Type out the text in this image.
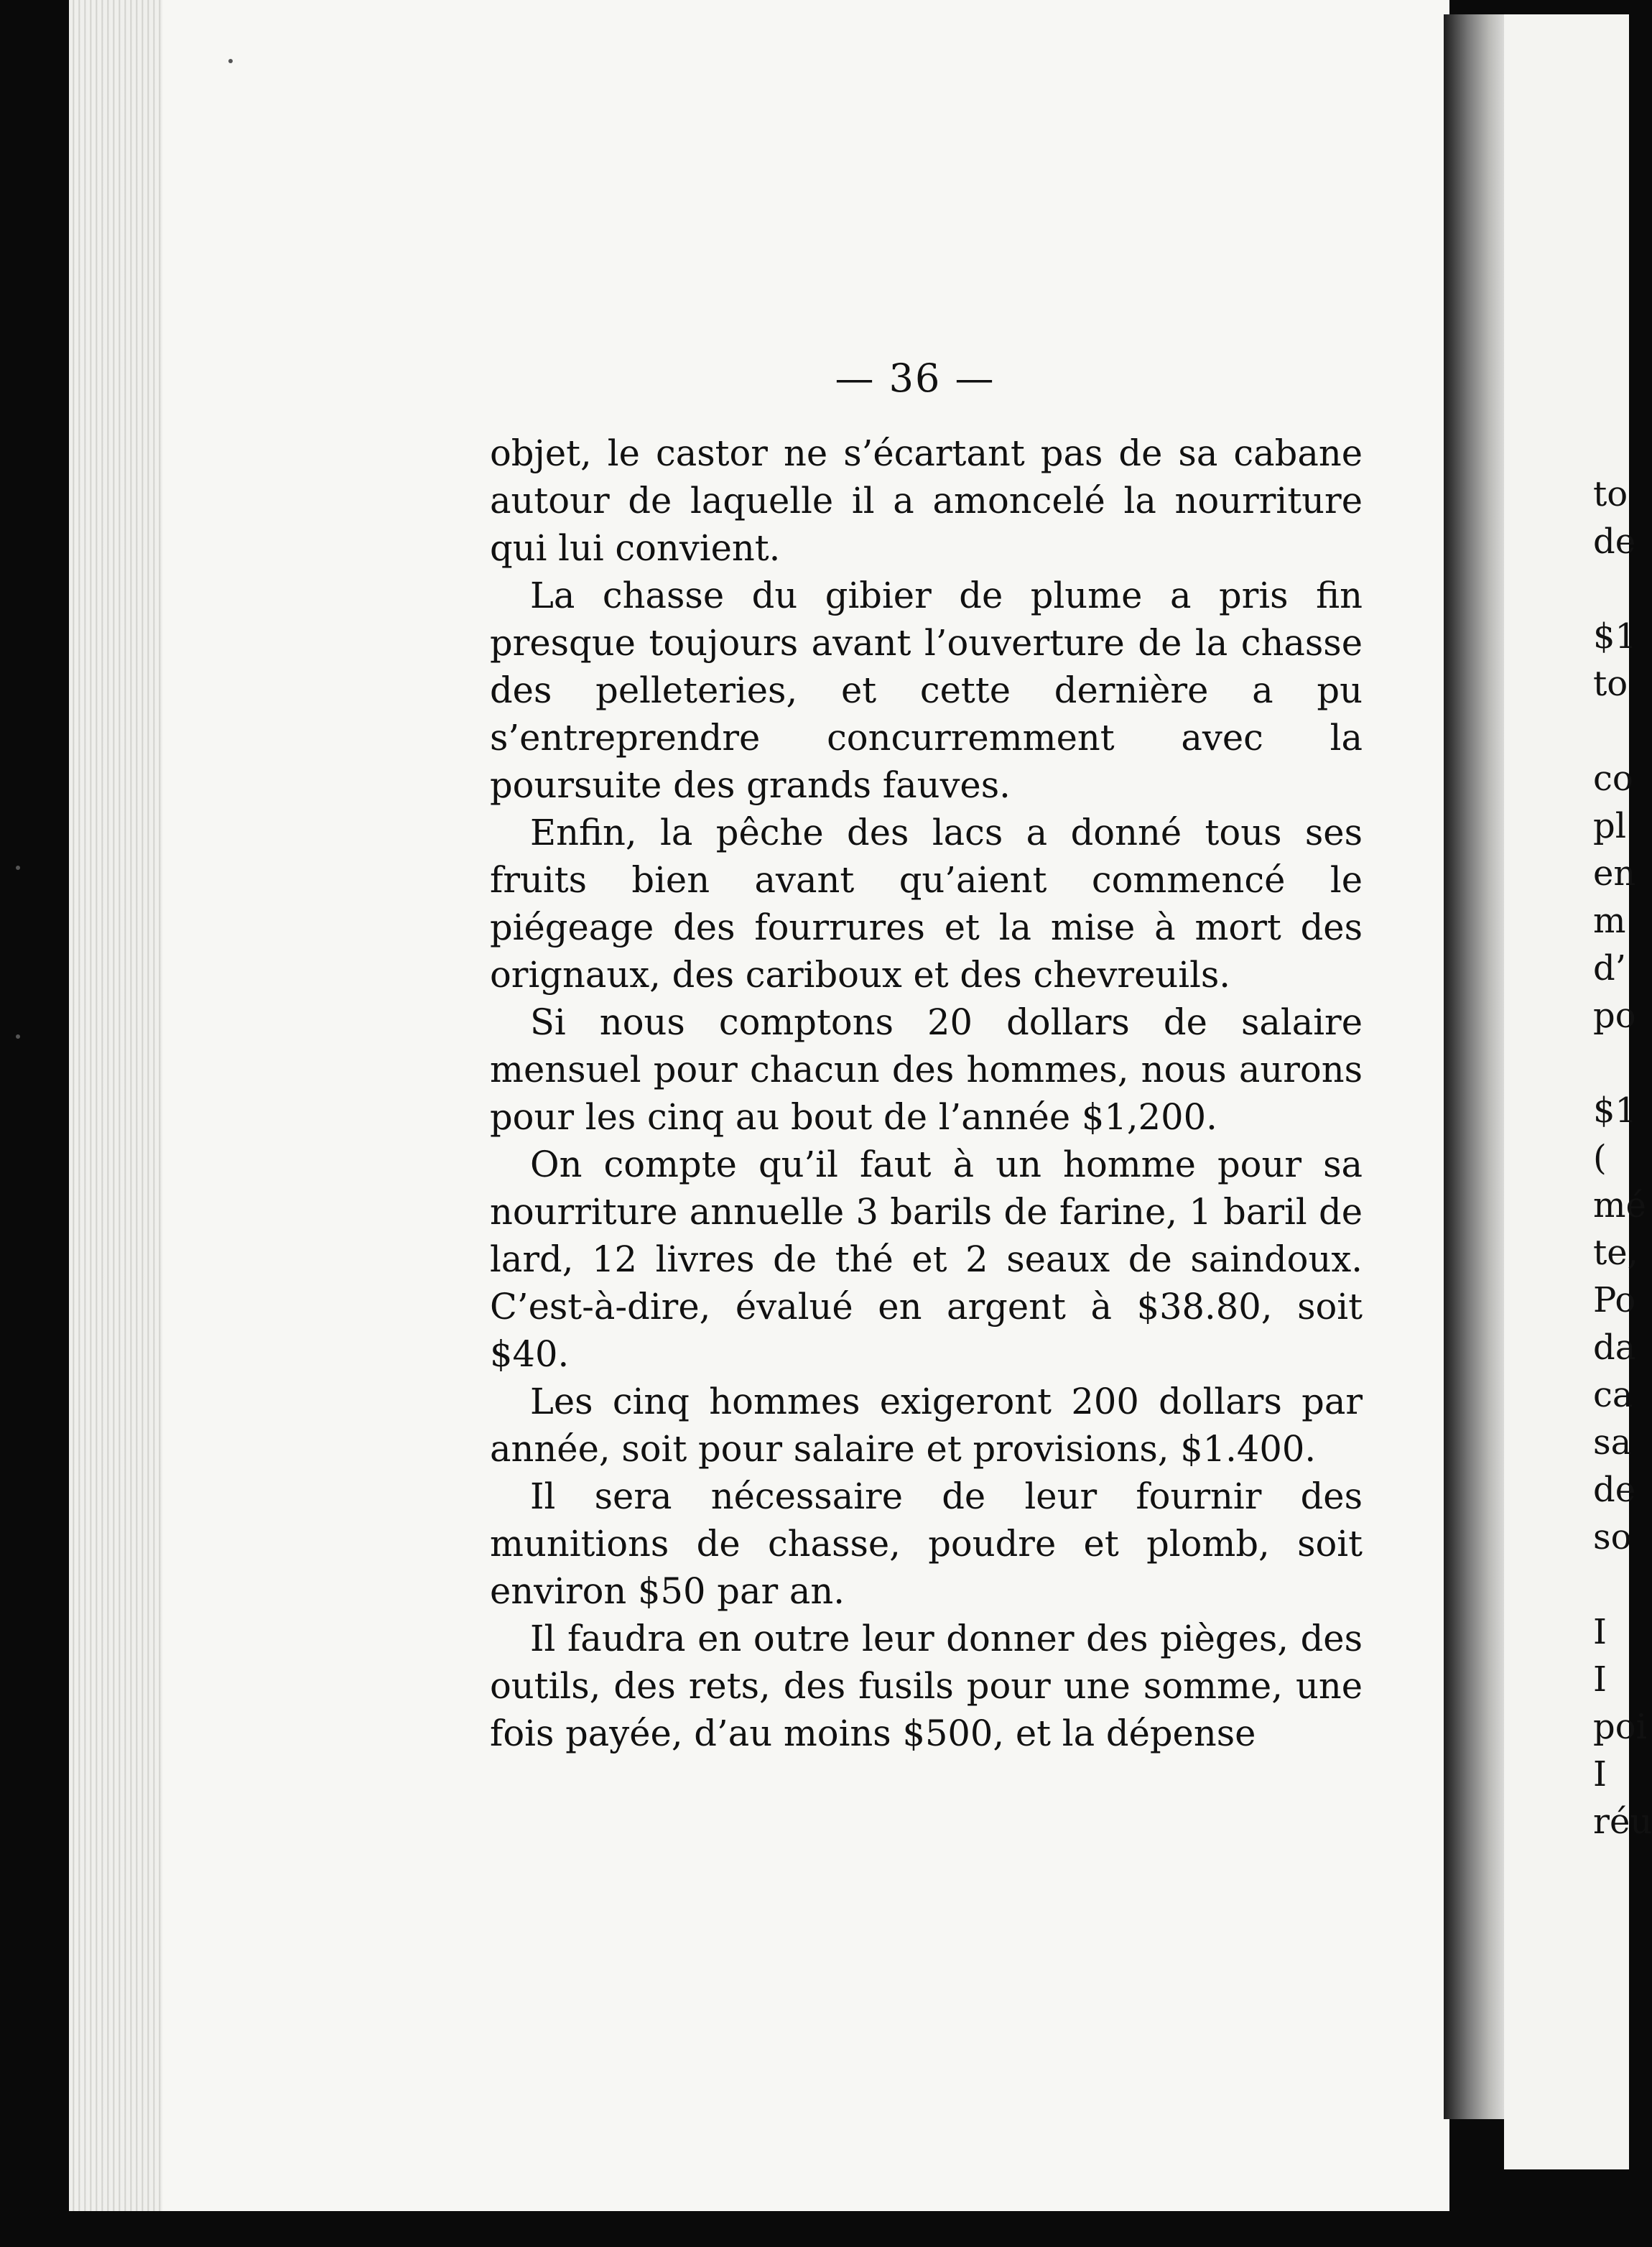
— 36 —

objet, le castor ne s’écartant pas de sa cabane autour de laquelle il a amoncelé la nourriture qui lui convient.

La chasse du gibier de plume a pris fin presque toujours avant l’ouverture de la chasse des pelleteries, et cette dernière a pu s’entreprendre concurremment avec la poursuite des grands fauves.

Enfin, la pêche des lacs a donné tous ses fruits bien avant qu’aient commencé le piégeage des fourrures et la mise à mort des orignaux, des cariboux et des chevreuils.

Si nous comptons 20 dollars de salaire mensuel pour chacun des hommes, nous aurons pour les cinq au bout de l’année $1,200.

On compte qu’il faut à un homme pour sa nourriture annuelle 3 barils de farine, 1 baril de lard, 12 livres de thé et 2 seaux de saindoux. C’est-à-dire, évalué en argent à $38.80, soit $40.

Les cinq hommes exigeront 200 dollars par année, soit pour salaire et provisions, $1.400.

Il sera nécessaire de leur fournir des munitions de chasse, poudre et plomb, soit environ $50 par an.

Il faudra en outre leur donner des pièges, des outils, des rets, des fusils pour une somme, une fois payée, d’au moins $500, et la dépense

to
de
$1
to
co
pl
en
m
d’
po
$1
(
mé
te,
Po
da
ca
sa
de
so
I
I
poi
I
réu
